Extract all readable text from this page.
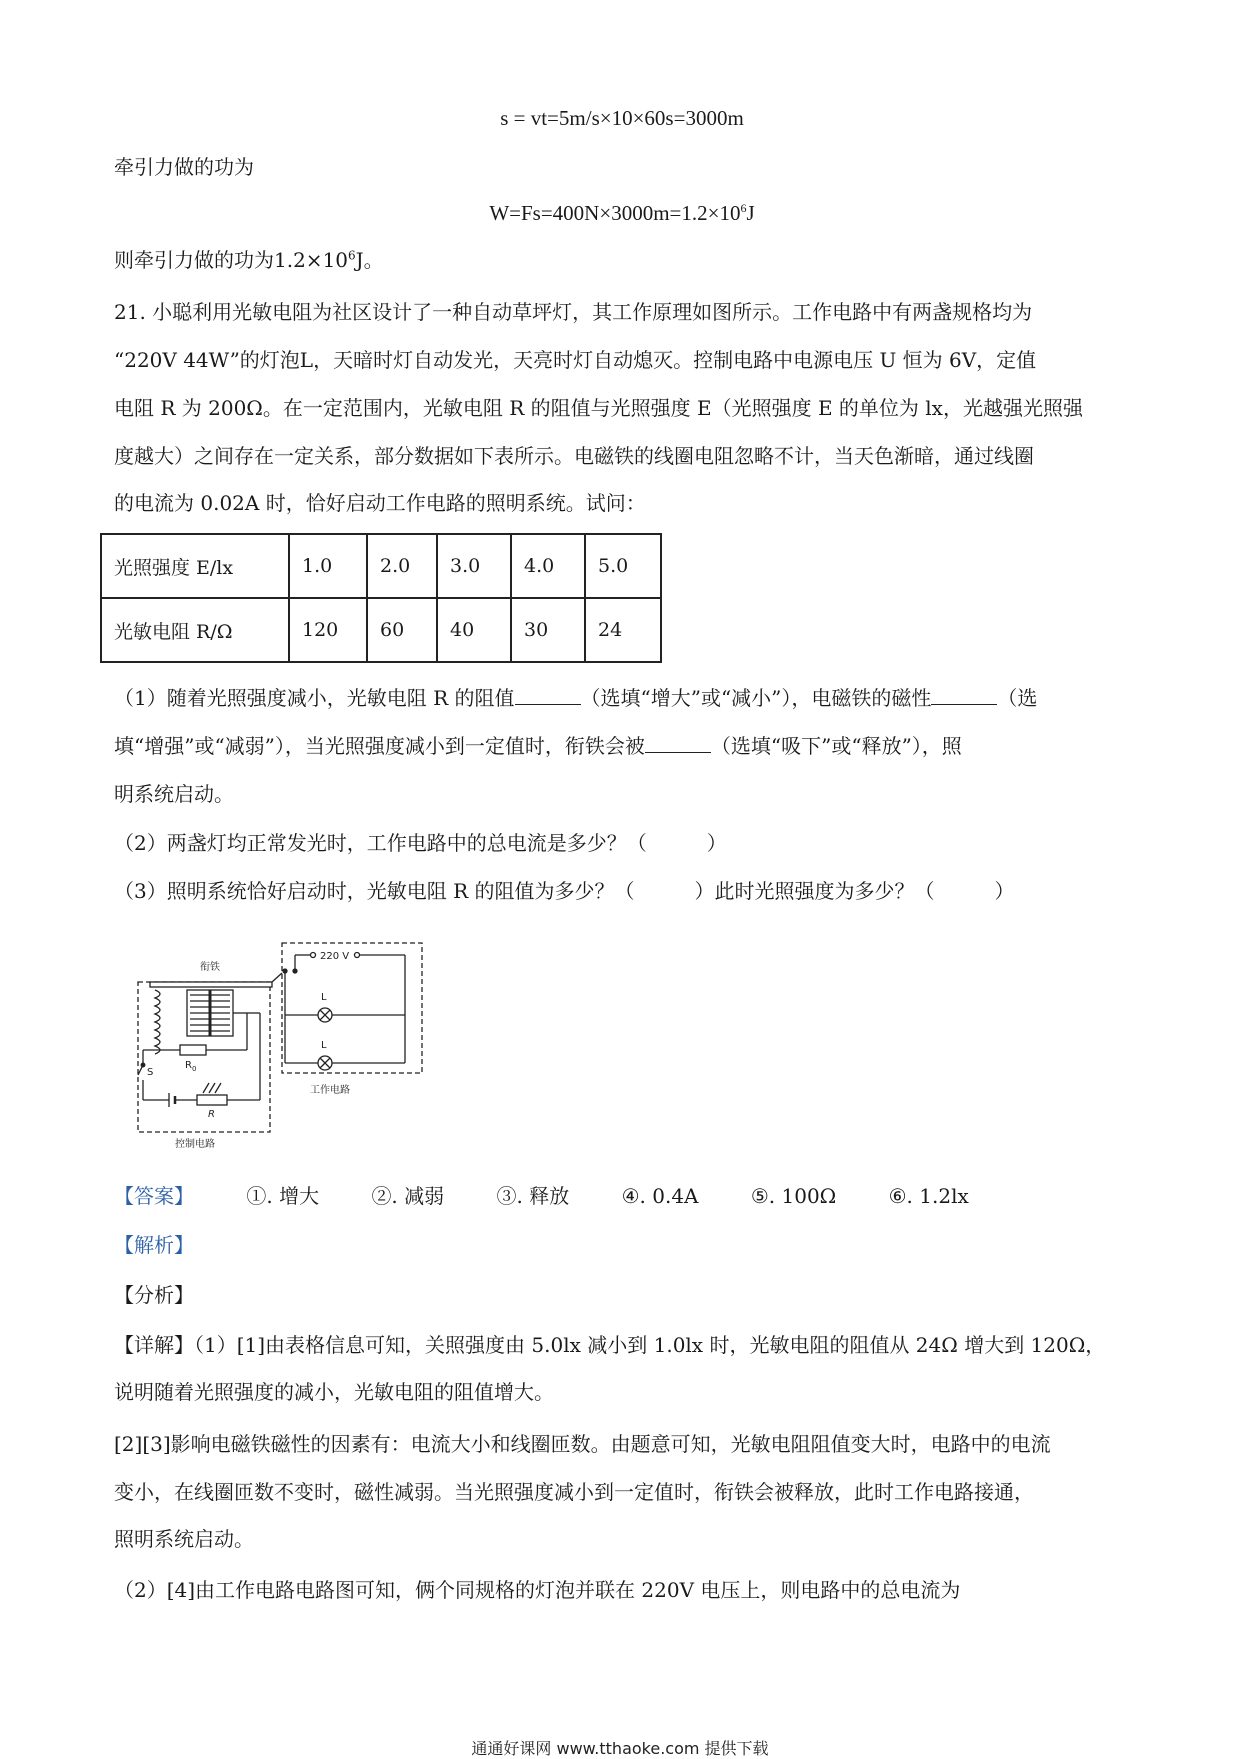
s = vt=5m/s×10×60s=3000m
牵引力做的功为
$W=Fs=400N\times 3000m=1.2\times 10^6J$
则牵引力做的功为$1.2\times 10^6J$。
21. 小聪利用光敏电阻为社区设计了一种自动草坪灯，其工作原理如图所示。工作电路中有两盏规格均为
“220V 44W”的灯泡L，天暗时灯自动发光，天亮时灯自动熄灭。控制电路中电源电压 U 恒为 6V，定值
电阻 R 为 200Ω。在一定范围内，光敏电阻 R 的阻值与光照强度 E（光照强度 E 的单位为 lx，光越强光照强
度越大）之间存在一定关系，部分数据如下表所示。电磁铁的线圈电阻忽略不计，当天色渐暗，通过线圈
的电流为 0.02A 时，恰好启动工作电路的照明系统。试问：
光照强度 E/lx	1.0	2.0	3.0	4.0	5.0
光敏电阻 R/Ω	120	60	40	30	24
（1）随着光照强度减小，光敏电阻 R 的阻值	（选填“增大”或“减小”），电磁铁的磁性	（选
填“增强”或“减弱”），当光照强度减小到一定值时，衔铁会被	（选填“吸下”或“释放”），照
明系统启动。
（2）两盏灯均正常发光时，工作电路中的总电流是多少？（	）
（3）照明系统恰好启动时，光敏电阻 R 的阻值为多少？（	）此时光照强度为多少？（	）
衔铁
220 V
L
L
$R_0$
S
R
工作电路
控制电路
【答案】	①. 增大	②. 减弱	③. 释放	④. 0.4A	⑤. 100Ω	⑥. 1.2lx
【解析】
【分析】
【详解】（1）[1]由表格信息可知，关照强度由 5.0lx 减小到 1.0lx 时，光敏电阻的阻值从 24Ω 增大到 120Ω，
说明随着光照强度的减小，光敏电阻的阻值增大。
[2][3]影响电磁铁磁性的因素有：电流大小和线圈匝数。由题意可知，光敏电阻阻值变大时，电路中的电流
变小，在线圈匝数不变时，磁性减弱。当光照强度减小到一定值时，衔铁会被释放，此时工作电路接通，
照明系统启动。
（2）[4]由工作电路电路图可知，俩个同规格的灯泡并联在 220V 电压上，则电路中的总电流为
通通好课网 www.tthaoke.com 提供下载
